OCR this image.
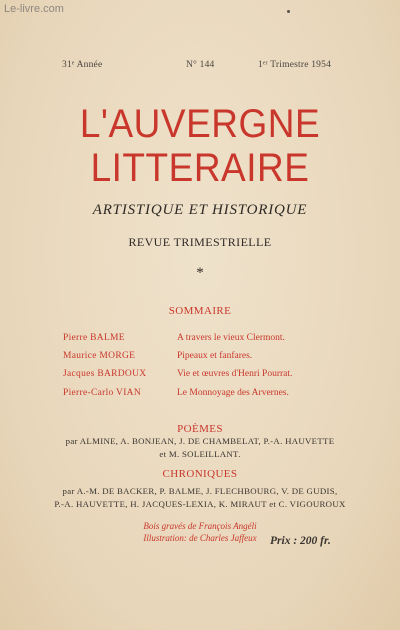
Le-livre.com
31ᵉ Année	N° 144	1ᵉʳ Trimestre 1954
L'AUVERGNE
LITTERAIRE
ARTISTIQUE ET HISTORIQUE
REVUE TRIMESTRIELLE
*
SOMMAIRE
Pierre BALME	A travers le vieux Clermont.
Maurice MORGE	Pipeaux et fanfares.
Jacques BARDOUX	Vie et œuvres d'Henri Pourrat.
Pierre-Carlo VIAN	Le Monnoyage des Arvernes.
POÈMES
par ALMINE, A. BONJEAN, J. DE CHAMBELAT, P.-A. HAUVETTE
et M. SOLEILLANT.
CHRONIQUES
par A.-M. DE BACKER, P. BALME, J. FLECHBOURG, V. DE GUDIS,
P.-A. HAUVETTE, H. JACQUES-LEXIA, K. MIRAUT et C. VIGOUROUX
Bois gravés de François Angéli
Illustration: de Charles Jaffeux	Prix : 200 fr.
